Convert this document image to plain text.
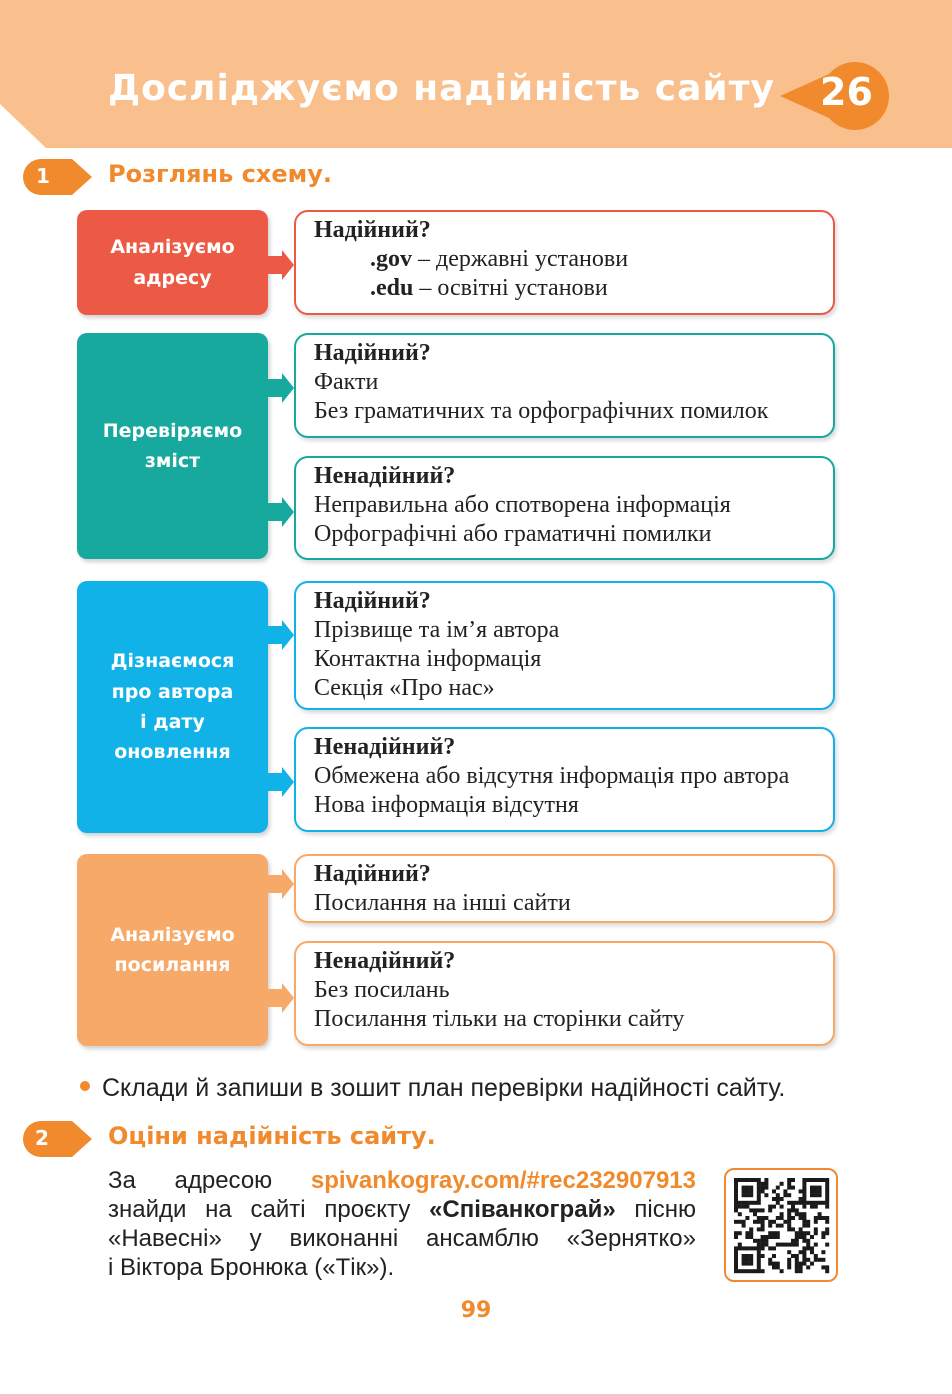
Досліджуємо надійність сайту 26
1 Розглянь схему.
Аналізуємо
адресу
Надійний?
.gov – державні установи
.edu – освітні установи
Перевіряємо
зміст
Надійний?
Факти
Без граматичних та орфографічних помилок
Ненадійний?
Неправильна або спотворена інформація
Орфографічні або граматичні помилки
Дізнаємося
про автора
і дату
оновлення
Надійний?
Прізвище та ім’я автора
Контактна інформація
Секція «Про нас»
Ненадійний?
Обмежена або відсутня інформація про автора
Нова інформація відсутня
Аналізуємо
посилання
Надійний?
Посилання на інші сайти
Ненадійний?
Без посилань
Посилання тільки на сторінки сайту
Склади й запиши в зошит план перевірки надійності сайту.
2 Оціни надійність сайту.
За адресою spivankogray.com/#rec232907913
знайди на сайті проєкту «Співанкограй» пісню
«Навесні» у виконанні ансамблю «Зернятко»
і Віктора Бронюка («Тік»).
99
